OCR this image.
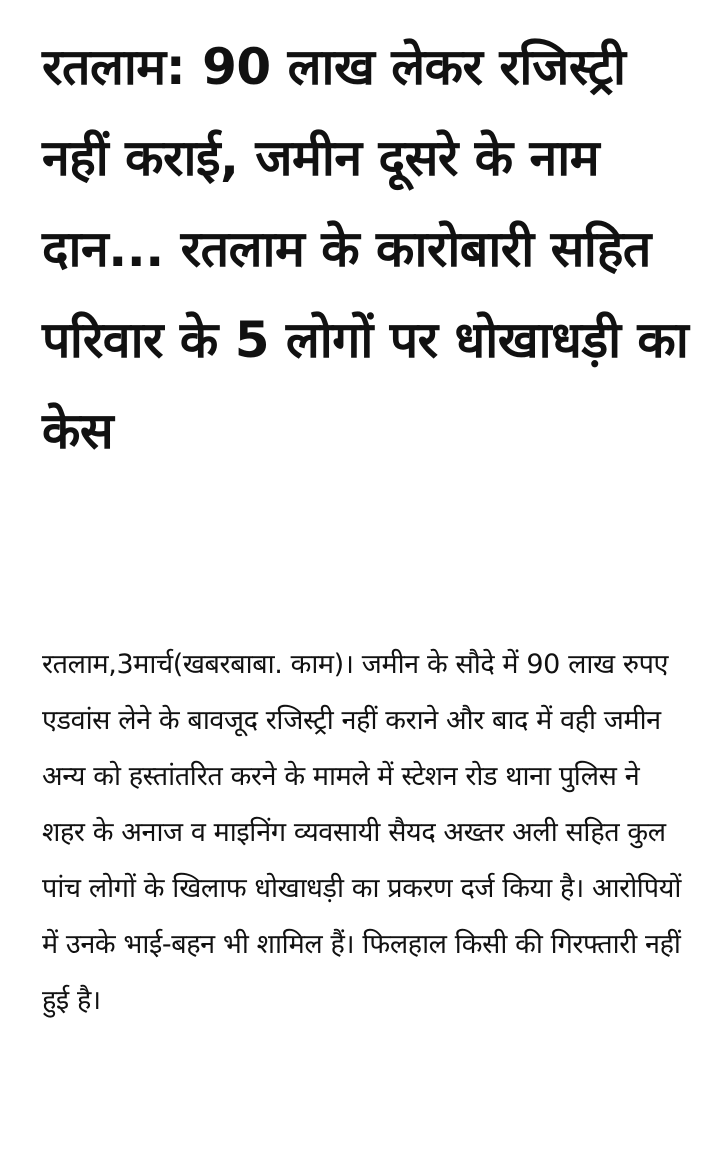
रतलाम: 90 लाख लेकर रजिस्ट्री नहीं कराई, जमीन दूसरे के नाम दान... रतलाम के कारोबारी सहित परिवार के 5 लोगों पर धोखाधड़ी का केस

रतलाम,3मार्च(खबरबाबा. काम)। जमीन के सौदे में 90 लाख रुपए एडवांस लेने के बावजूद रजिस्ट्री नहीं कराने और बाद में वही जमीन अन्य को हस्तांतरित करने के मामले में स्टेशन रोड थाना पुलिस ने शहर के अनाज व माइनिंग व्यवसायी सैयद अख्तर अली सहित कुल पांच लोगों के खिलाफ धोखाधड़ी का प्रकरण दर्ज किया है। आरोपियों में उनके भाई-बहन भी शामिल हैं। फिलहाल किसी की गिरफ्तारी नहीं हुई है।
